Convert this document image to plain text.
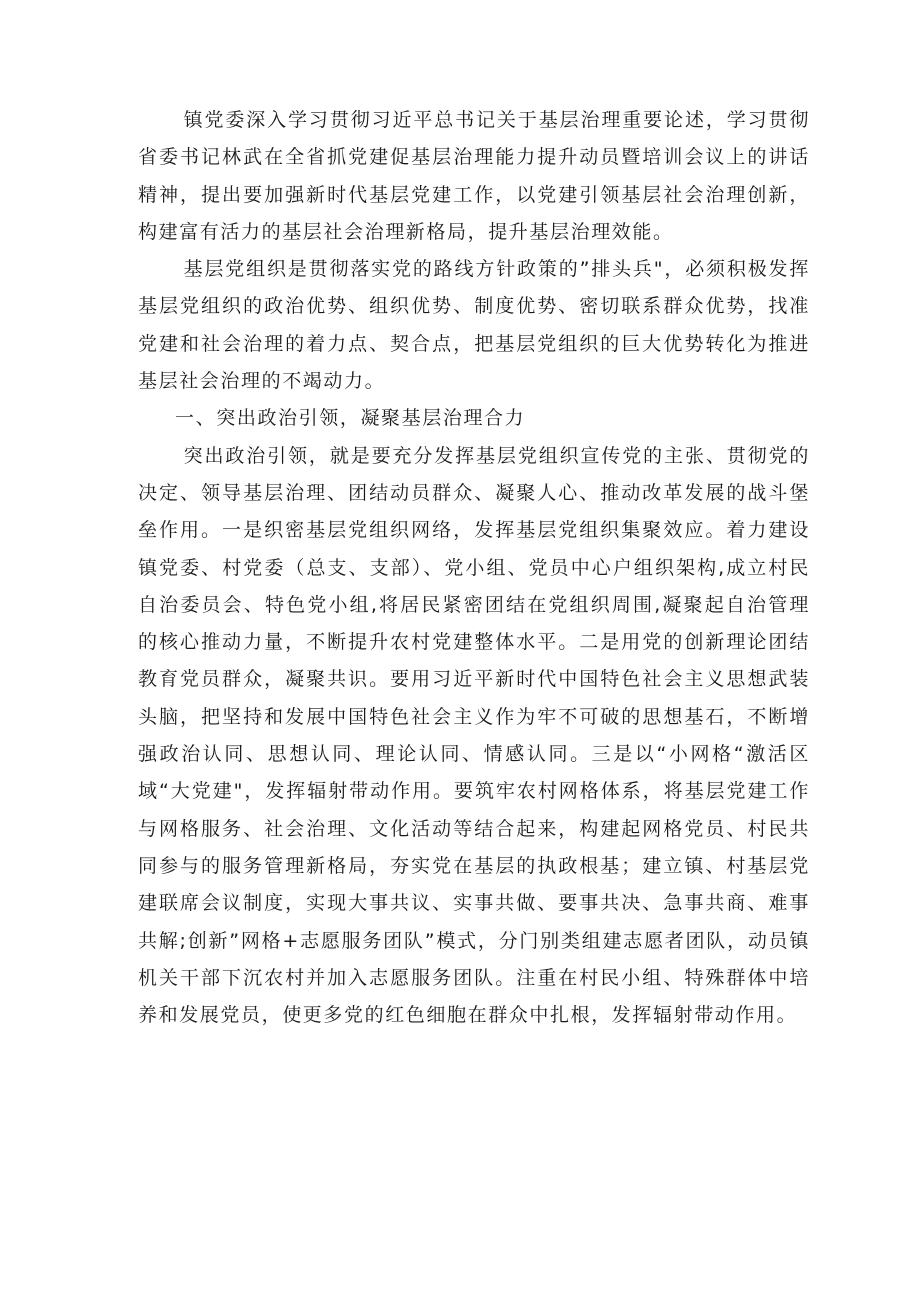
镇党委深入学习贯彻习近平总书记关于基层治理重要论述，学习贯彻省委书记林武在全省抓党建促基层治理能力提升动员暨培训会议上的讲话精神，提出要加强新时代基层党建工作，以党建引领基层社会治理创新，构建富有活力的基层社会治理新格局，提升基层治理效能。

基层党组织是贯彻落实党的路线方针政策的”排头兵"，必须积极发挥基层党组织的政治优势、组织优势、制度优势、密切联系群众优势，找准党建和社会治理的着力点、契合点，把基层党组织的巨大优势转化为推进基层社会治理的不竭动力。

一、突出政治引领，凝聚基层治理合力

突出政治引领，就是要充分发挥基层党组织宣传党的主张、贯彻党的决定、领导基层治理、团结动员群众、凝聚人心、推动改革发展的战斗堡垒作用。一是织密基层党组织网络，发挥基层党组织集聚效应。着力建设镇党委、村党委（总支、支部）、党小组、党员中心户组织架构,成立村民自治委员会、特色党小组,将居民紧密团结在党组织周围,凝聚起自治管理的核心推动力量，不断提升农村党建整体水平。二是用党的创新理论团结教育党员群众，凝聚共识。要用习近平新时代中国特色社会主义思想武装头脑，把坚持和发展中国特色社会主义作为牢不可破的思想基石，不断增强政治认同、思想认同、理论认同、情感认同。三是以“小网格“激活区域“大党建"，发挥辐射带动作用。要筑牢农村网格体系，将基层党建工作与网格服务、社会治理、文化活动等结合起来，构建起网格党员、村民共同参与的服务管理新格局，夯实党在基层的执政根基；建立镇、村基层党建联席会议制度，实现大事共议、实事共做、要事共决、急事共商、难事共解;创新”网格+志愿服务团队”模式，分门别类组建志愿者团队，动员镇机关干部下沉农村并加入志愿服务团队。注重在村民小组、特殊群体中培养和发展党员，使更多党的红色细胞在群众中扎根，发挥辐射带动作用。
